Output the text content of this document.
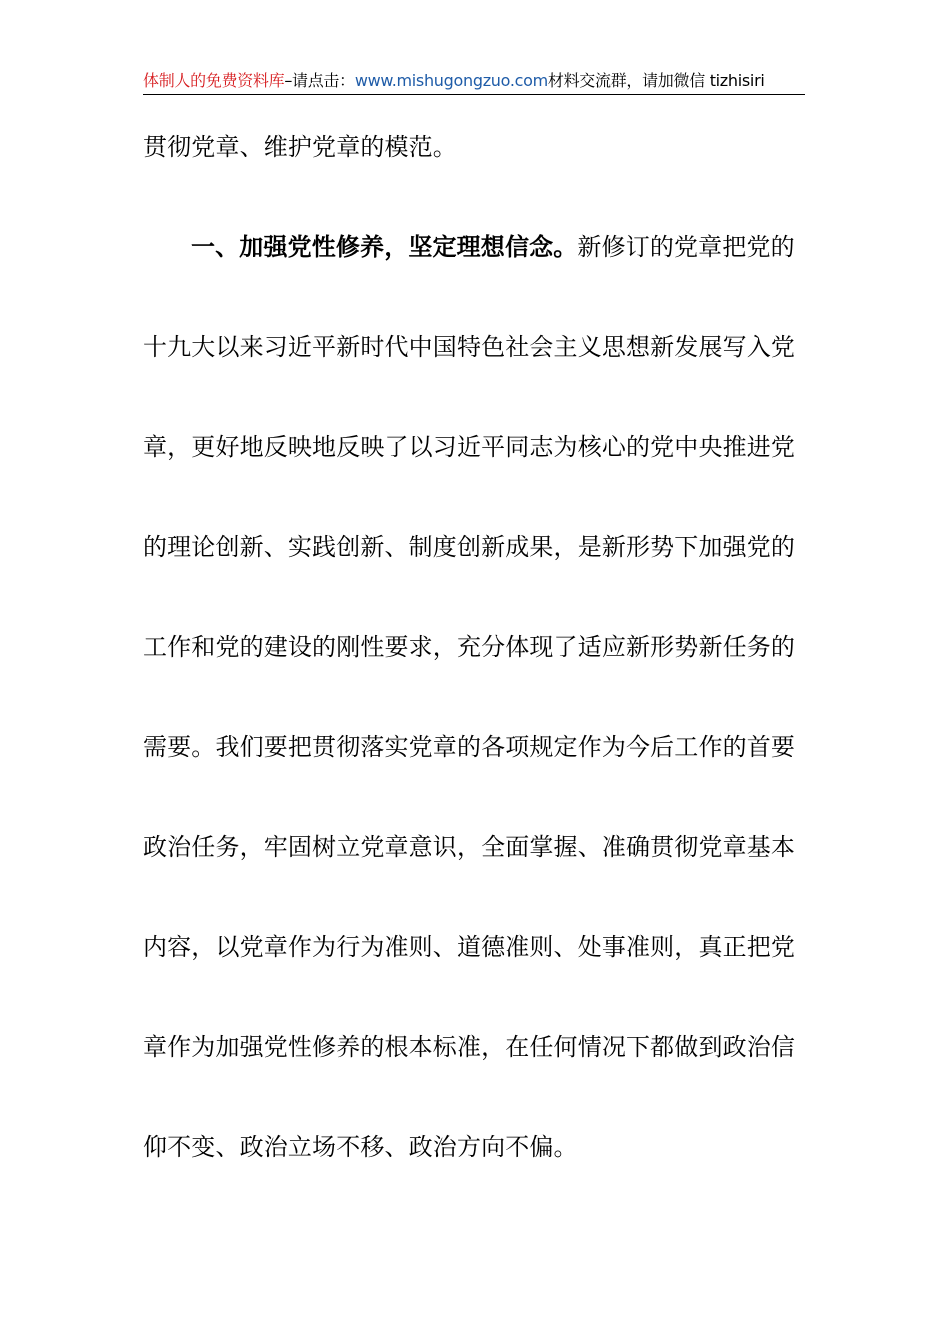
体制人的免费资料库–请点击：www.mishugongzuo.com材料交流群，请加微信 tizhisiri
贯彻党章、维护党章的模范。
一、加强党性修养，坚定理想信念。新修订的党章把党的
十九大以来习近平新时代中国特色社会主义思想新发展写入党
章，更好地反映地反映了以习近平同志为核心的党中央推进党
的理论创新、实践创新、制度创新成果，是新形势下加强党的
工作和党的建设的刚性要求，充分体现了适应新形势新任务的
需要。我们要把贯彻落实党章的各项规定作为今后工作的首要
政治任务，牢固树立党章意识，全面掌握、准确贯彻党章基本
内容，以党章作为行为准则、道德准则、处事准则，真正把党
章作为加强党性修养的根本标准，在任何情况下都做到政治信
仰不变、政治立场不移、政治方向不偏。
